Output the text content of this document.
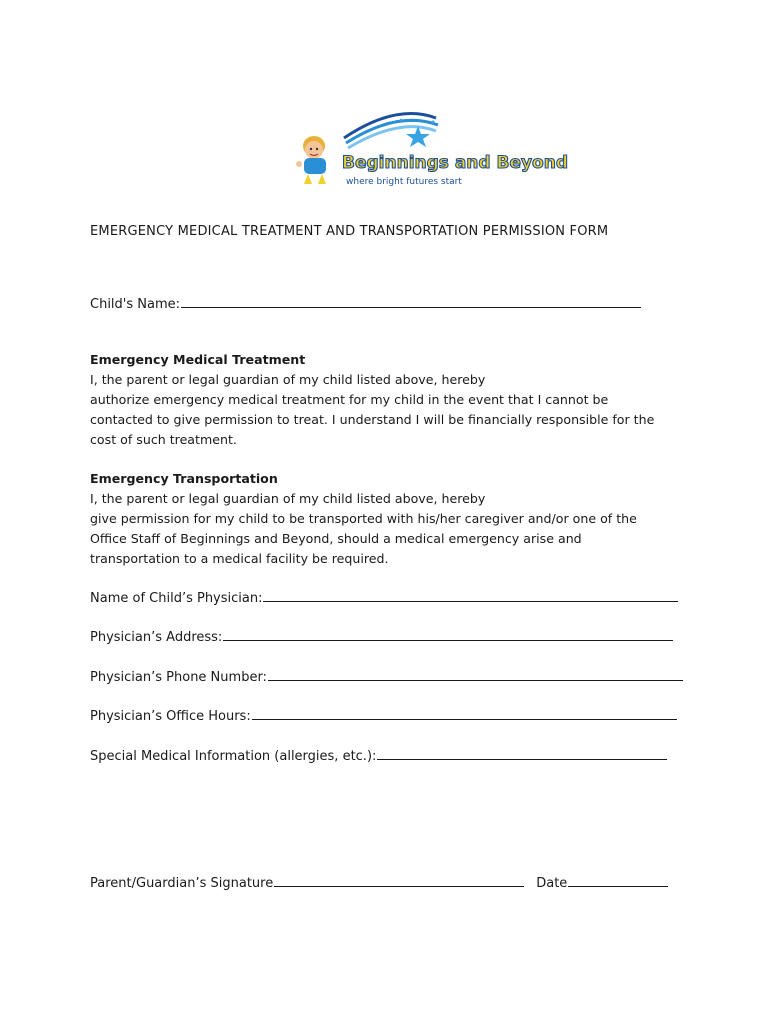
Beginnings and Beyond
where bright futures start
EMERGENCY MEDICAL TREATMENT AND TRANSPORTATION PERMISSION FORM
Child's Name:
Emergency Medical Treatment
I, the parent or legal guardian of my child listed above, hereby
authorize emergency medical treatment for my child in the event that I cannot be
contacted to give permission to treat. I understand I will be financially responsible for the
cost of such treatment.
Emergency Transportation
I, the parent or legal guardian of my child listed above, hereby
give permission for my child to be transported with his/her caregiver and/or one of the
Office Staff of Beginnings and Beyond, should a medical emergency arise and
transportation to a medical facility be required.
Name of Child’s Physician:
Physician’s Address:
Physician’s Phone Number:
Physician’s Office Hours:
Special Medical Information (allergies, etc.):
Parent/Guardian’s Signature	Date
